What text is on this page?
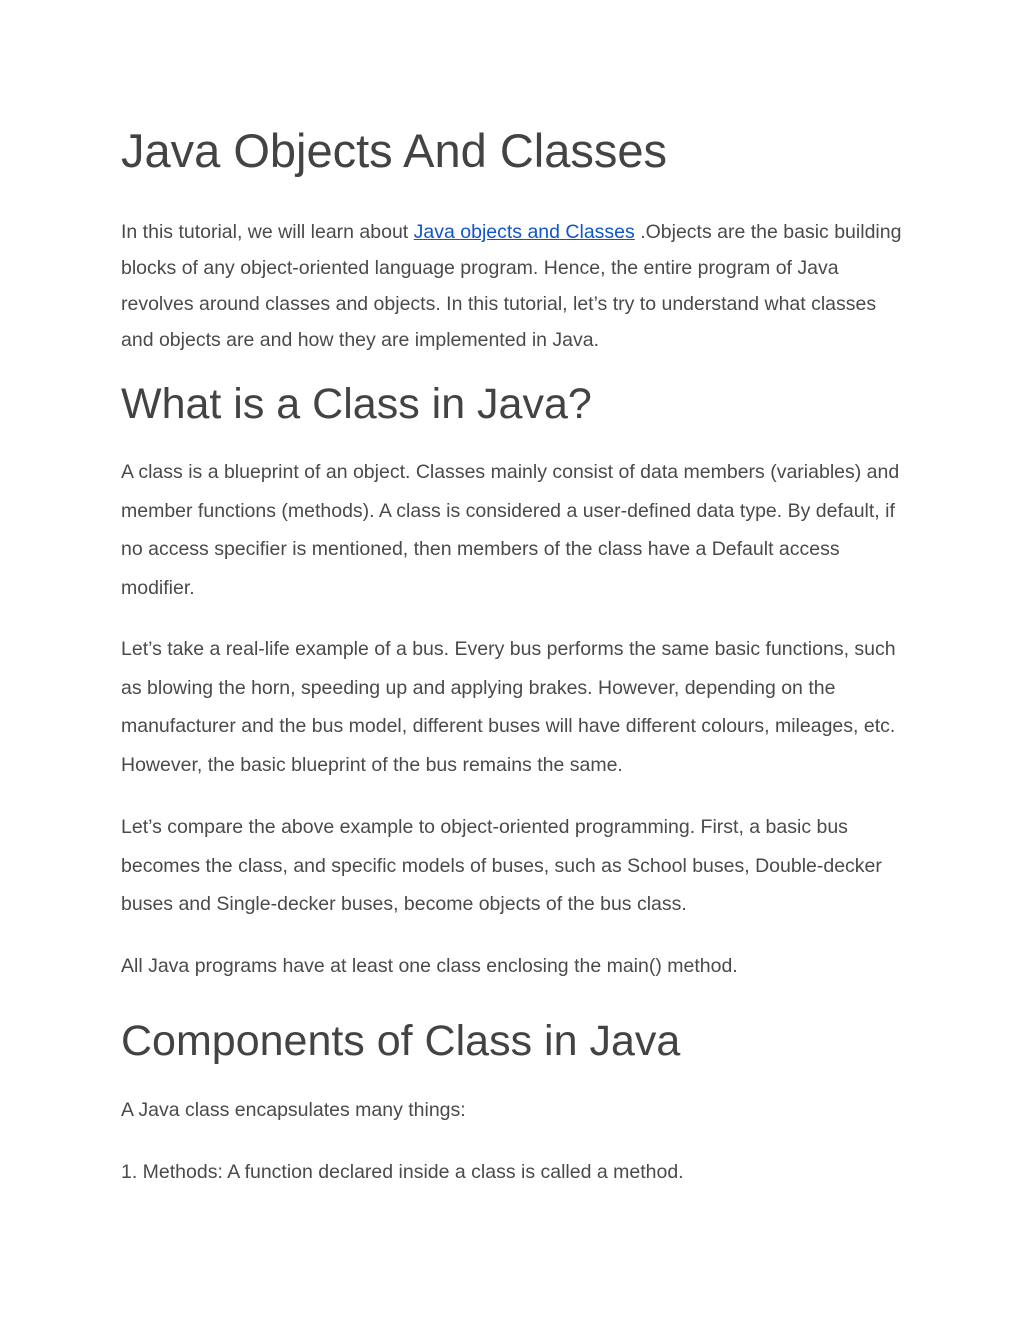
Java Objects And Classes

In this tutorial, we will learn about Java objects and Classes .Objects are the basic building blocks of any object-oriented language program. Hence, the entire program of Java revolves around classes and objects. In this tutorial, let’s try to understand what classes and objects are and how they are implemented in Java.

What is a Class in Java?

A class is a blueprint of an object. Classes mainly consist of data members (variables) and member functions (methods). A class is considered a user-defined data type. By default, if no access specifier is mentioned, then members of the class have a Default access modifier.

Let’s take a real-life example of a bus. Every bus performs the same basic functions, such as blowing the horn, speeding up and applying brakes. However, depending on the manufacturer and the bus model, different buses will have different colours, mileages, etc. However, the basic blueprint of the bus remains the same.

Let’s compare the above example to object-oriented programming. First, a basic bus becomes the class, and specific models of buses, such as School buses, Double-decker buses and Single-decker buses, become objects of the bus class.

All Java programs have at least one class enclosing the main() method.

Components of Class in Java

A Java class encapsulates many things:

1. Methods: A function declared inside a class is called a method.
